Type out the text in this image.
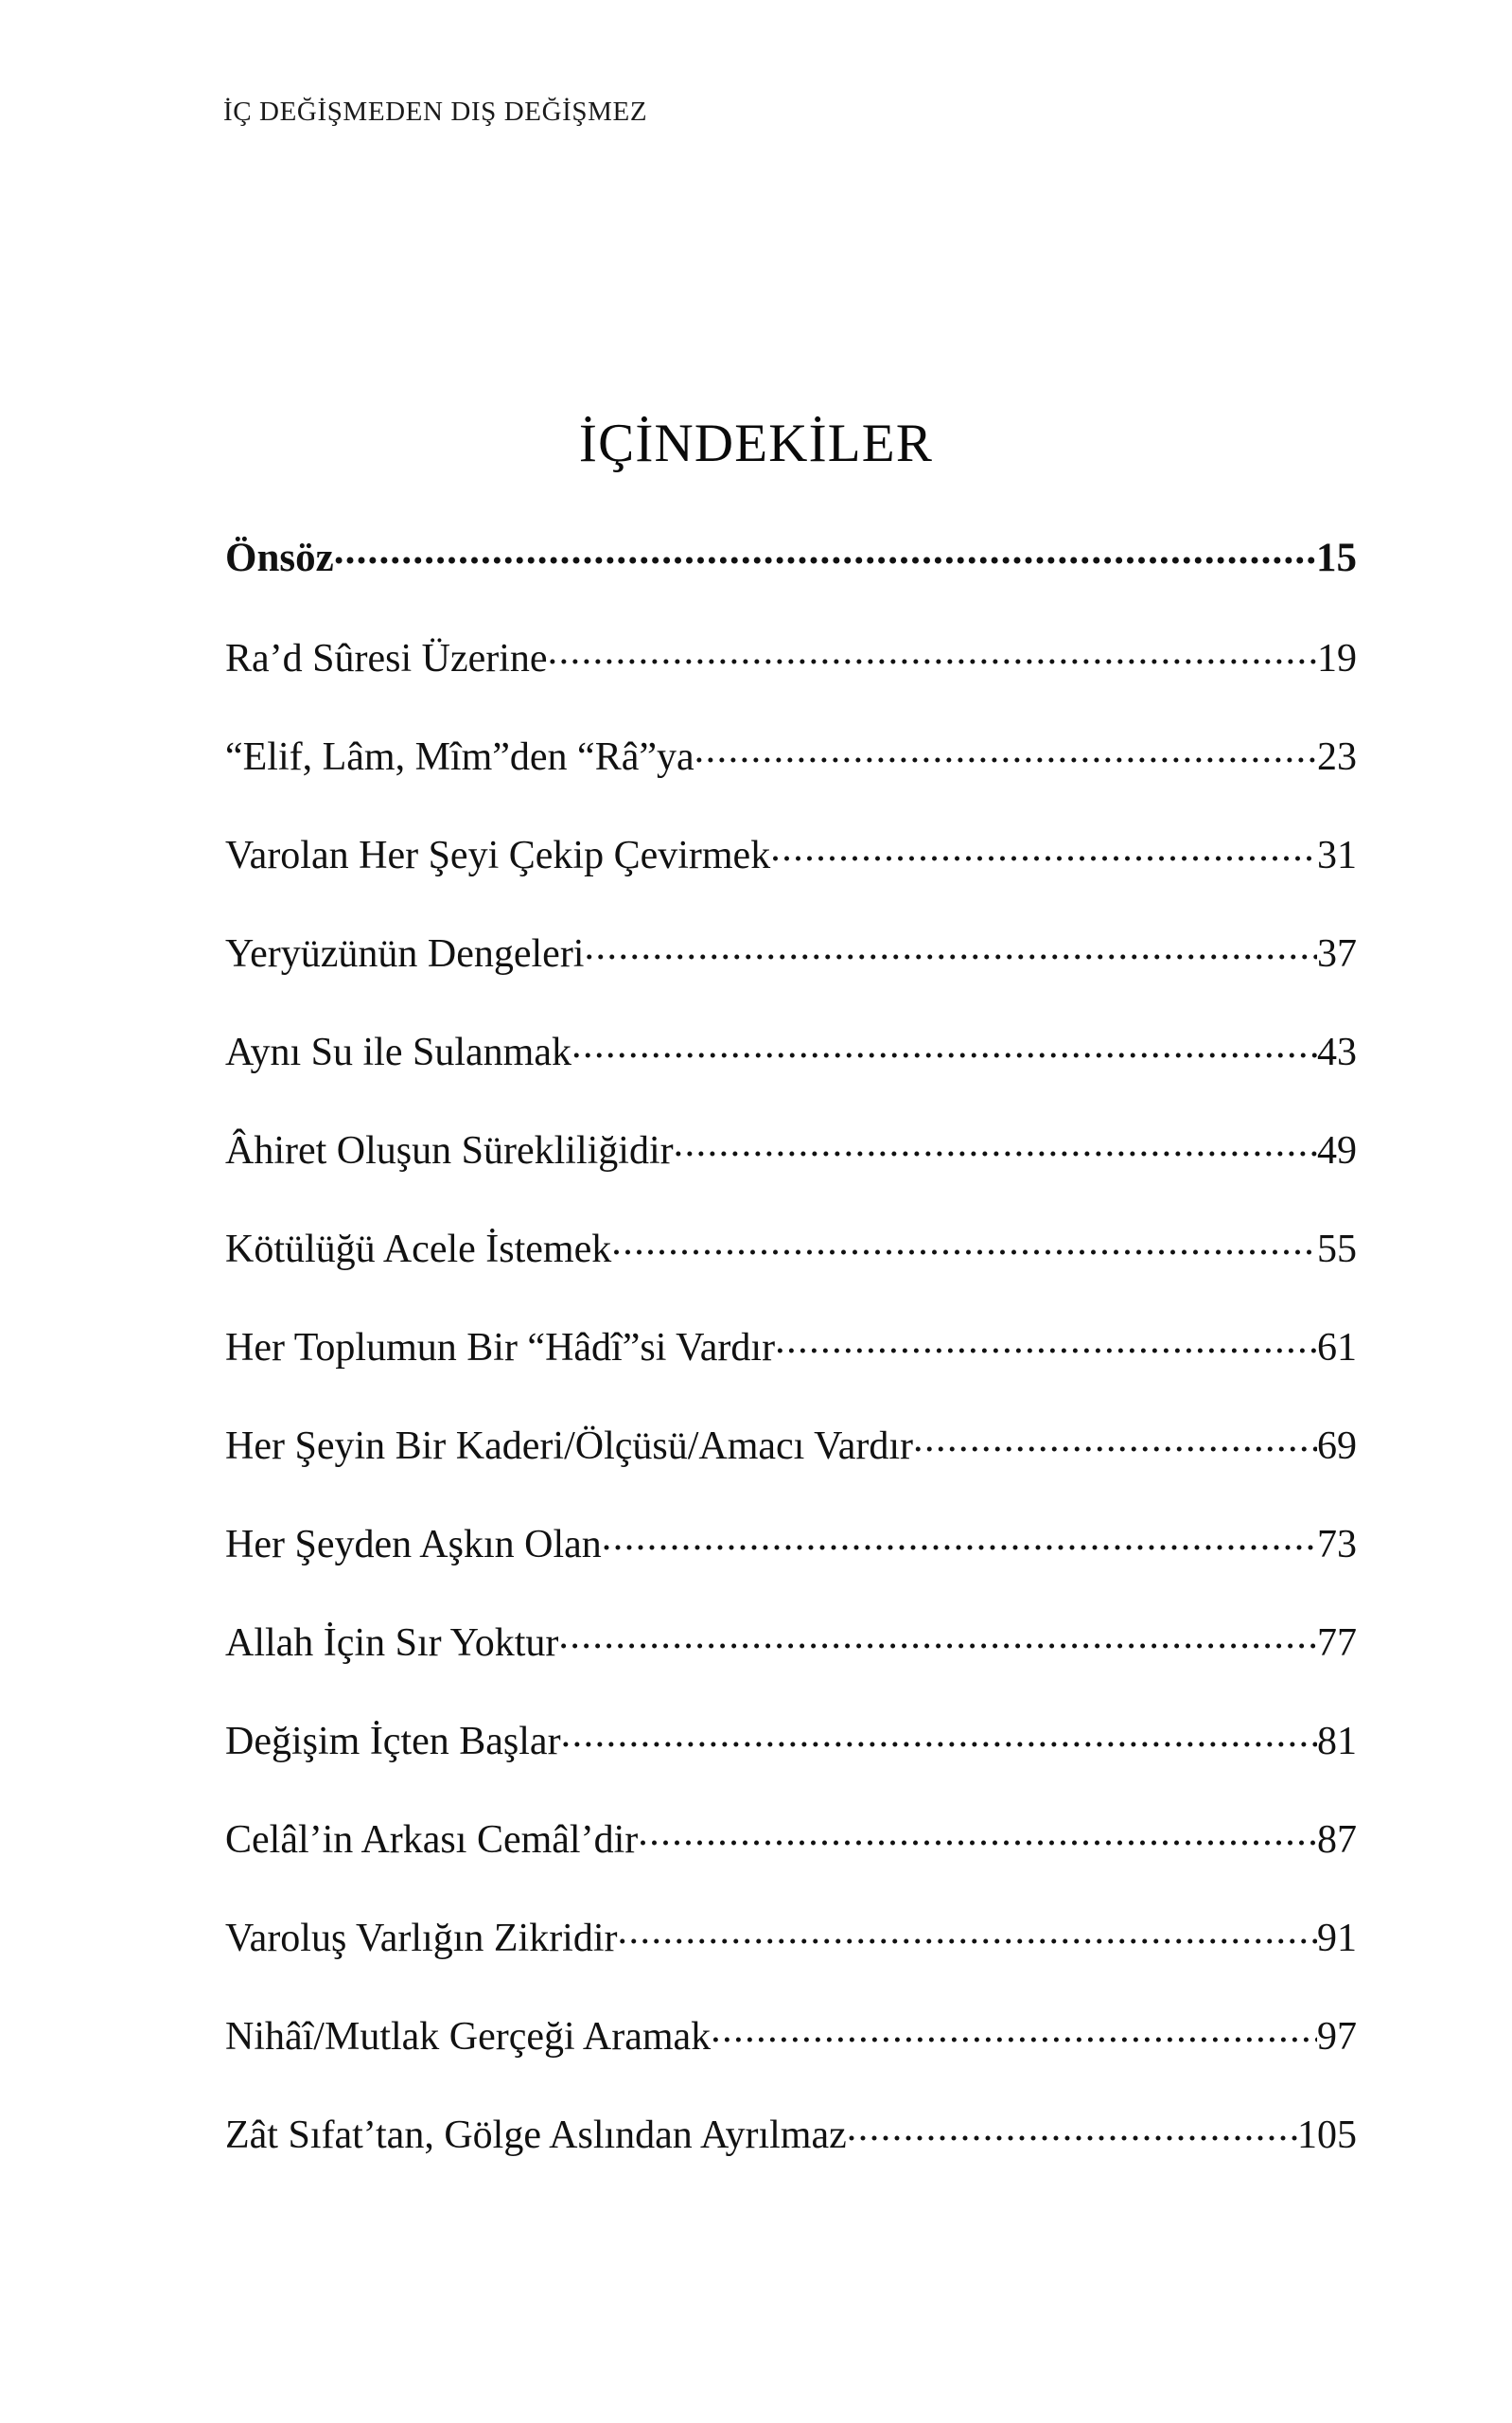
İÇ DEĞİŞMEDEN DIŞ DEĞİŞMEZ
İÇİNDEKİLER
Önsöz .....	15
Ra’d Sûresi Üzerine .....	19
“Elif, Lâm, Mîm”den “Râ”ya .....	23
Varolan Her Şeyi Çekip Çevirmek .....	31
Yeryüzünün Dengeleri .....	37
Aynı Su ile Sulanmak .....	43
Âhiret Oluşun Sürekliliğidir .....	49
Kötülüğü Acele İstemek .....	55
Her Toplumun Bir “Hâdî”si Vardır .....	61
Her Şeyin Bir Kaderi/Ölçüsü/Amacı Vardır .....	69
Her Şeyden Aşkın Olan .....	73
Allah İçin Sır Yoktur .....	77
Değişim İçten Başlar .....	81
Celâl’in Arkası Cemâl’dir .....	87
Varoluş Varlığın Zikridir .....	91
Nihâî/Mutlak Gerçeği Aramak .....	97
Zât Sıfat’tan, Gölge Aslından Ayrılmaz .....	105
